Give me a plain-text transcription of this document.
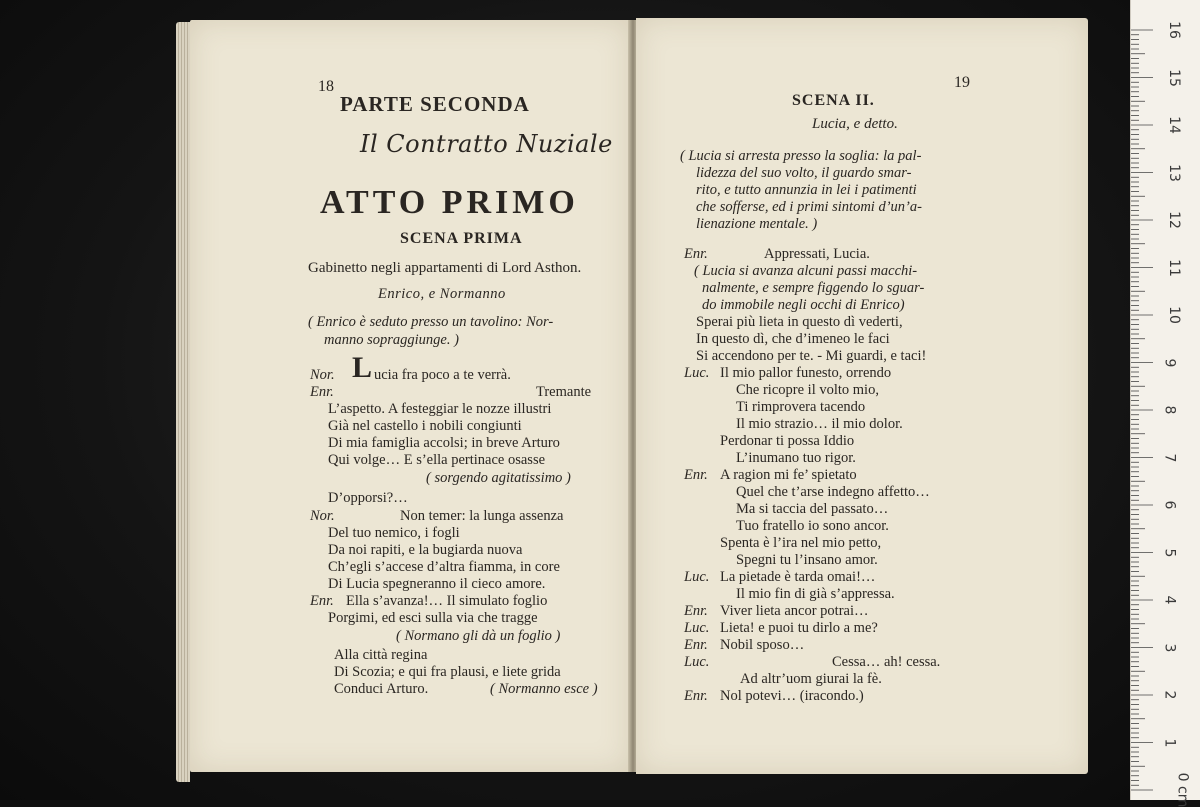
18
PARTE SECONDA
Il Contratto Nuziale
ATTO PRIMO
SCENA PRIMA
Gabinetto negli appartamenti di Lord Asthon.
Enrico, e Normanno
( Enrico è seduto presso un tavolino: Nor-
manno sopraggiunge. )
Nor. L ucia fra poco a te verrà.
Enr.	Tremante
L’aspetto. A festeggiar le nozze illustri
Già nel castello i nobili congiunti
Di mia famiglia accolsi; in breve Arturo
Qui volge… E s’ella pertinace osasse
( sorgendo agitatissimo )
D’opporsi?…
Nor.	Non temer: la lunga assenza
Del tuo nemico, i fogli
Da noi rapiti, e la bugiarda nuova
Ch’egli s’accese d’altra fiamma, in core
Di Lucia spegneranno il cieco amore.
Enr. Ella s’avanza!… Il simulato foglio
Porgimi, ed esci sulla via che tragge
( Normano gli dà un foglio )
Alla città regina
Di Scozia; e qui fra plausi, e liete grida
Conduci Arturo.	( Normanno esce )
19
SCENA II.
Lucia, e detto.
( Lucia si arresta presso la soglia: la pal-
lidezza del suo volto, il guardo smar-
rito, e tutto annunzia in lei i patimenti
che sofferse, ed i primi sintomi d’un’a-
lienazione mentale. )
Enr.	Appressati, Lucia.
( Lucia si avanza alcuni passi macchi-
nalmente, e sempre figgendo lo sguar-
do immobile negli occhi di Enrico)
Sperai più lieta in questo dì vederti,
In questo dì, che d’imeneo le faci
Si accendono per te. - Mi guardi, e taci!
Luc. Il mio pallor funesto, orrendo
Che ricopre il volto mio,
Ti rimprovera tacendo
Il mio strazio… il mio dolor.
Perdonar ti possa Iddio
L’inumano tuo rigor.
Enr. A ragion mi fe’ spietato
Quel che t’arse indegno affetto…
Ma si taccia del passato…
Tuo fratello io sono ancor.
Spenta è l’ira nel mio petto,
Spegni tu l’insano amor.
Luc. La pietade è tarda omai!…
Il mio fin di già s’appressa.
Enr. Viver lieta ancor potrai…
Luc. Lieta! e puoi tu dirlo a me?
Enr. Nobil sposo…
Luc.	Cessa… ah! cessa.
Ad altr’uom giurai la fè.
Enr. Nol potevi… (iracondo.)
16
15
14
13
12
11
10
9
8
7
6
5
4
3
2
1
0 cm
